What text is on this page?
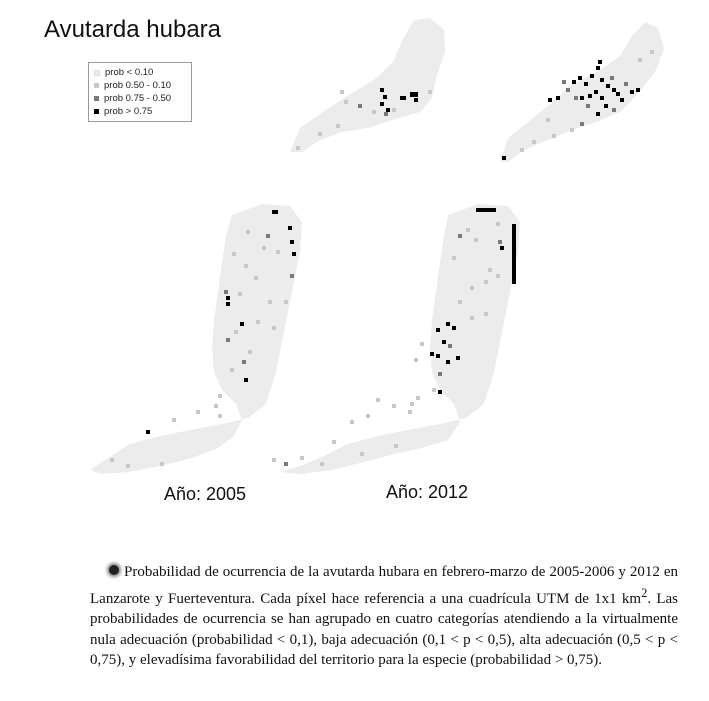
Avutarda hubara
prob < 0.10
prob 0.50 - 0.10
prob 0.75 - 0.50
prob > 0.75
Año: 2005	Año: 2012
Probabilidad de ocurrencia de la avutarda hubara en febrero-marzo de 2005-2006 y 2012 en Lanzarote y Fuerteventura. Cada píxel hace referencia a una cuadrícula UTM de 1x1 $km^2$. Las probabilidades de ocurrencia se han agrupado en cuatro categorías atendiendo a la virtualmente nula adecuación (probabilidad < 0,1), baja adecuación (0,1 < p < 0,5), alta adecuación (0,5 < p < 0,75), y elevadísima favorabilidad del territorio para la especie (probabilidad > 0,75).
